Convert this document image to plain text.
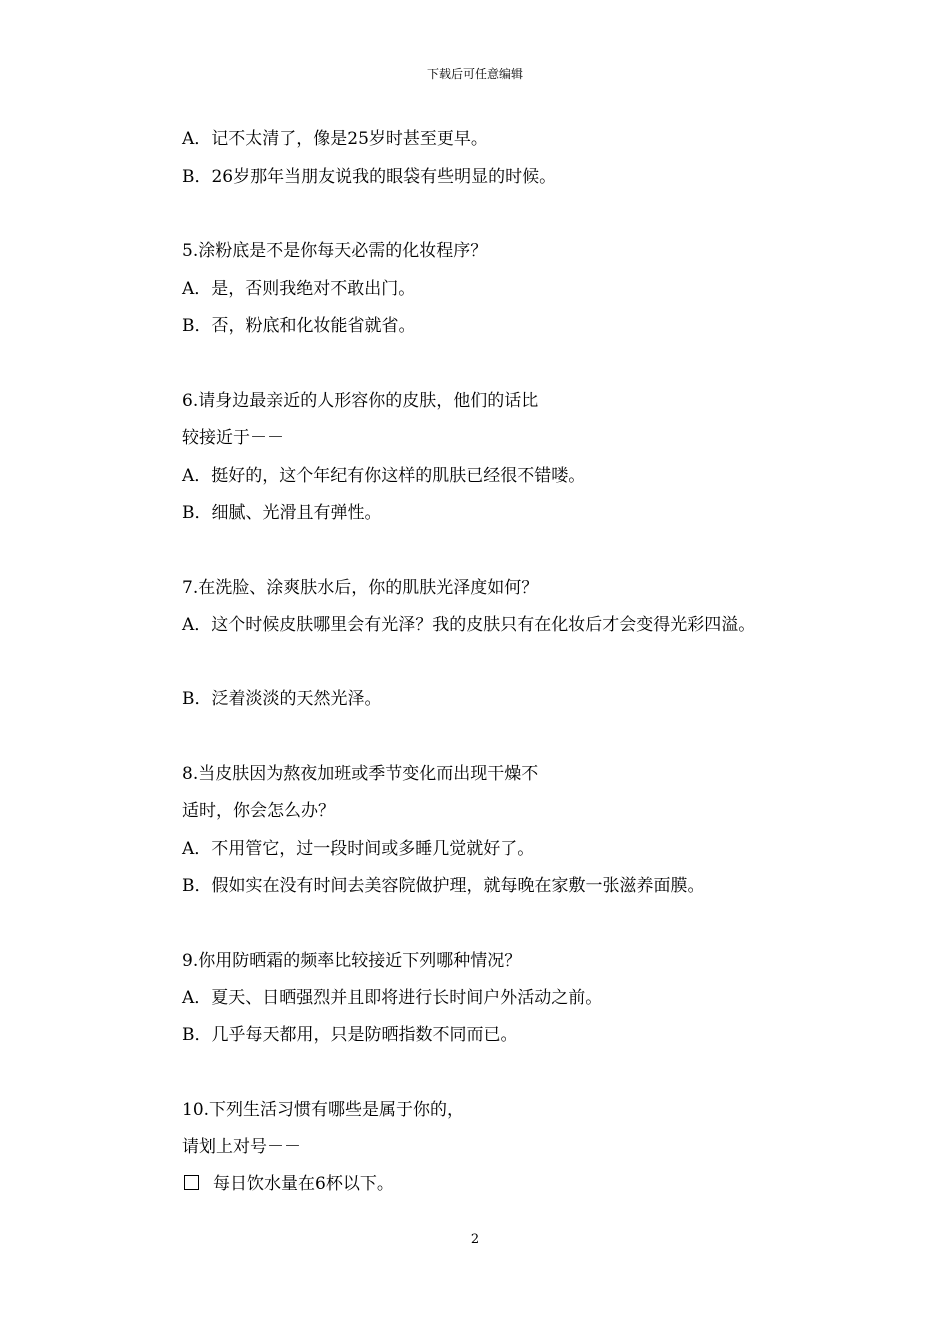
下载后可任意编辑
A．记不太清了，像是25岁时甚至更早。
B．26岁那年当朋友说我的眼袋有些明显的时候。
5.涂粉底是不是你每天必需的化妆程序？
A．是，否则我绝对不敢出门。
B．否，粉底和化妆能省就省。
6.请身边最亲近的人形容你的皮肤，他们的话比
较接近于－－
A．挺好的，这个年纪有你这样的肌肤已经很不错喽。
B．细腻、光滑且有弹性。
7.在洗脸、涂爽肤水后，你的肌肤光泽度如何？
A．这个时候皮肤哪里会有光泽？我的皮肤只有在化妆后才会变得光彩四溢。
B．泛着淡淡的天然光泽。
8.当皮肤因为熬夜加班或季节变化而出现干燥不
适时，你会怎么办？
A．不用管它，过一段时间或多睡几觉就好了。
B．假如实在没有时间去美容院做护理，就每晚在家敷一张滋养面膜。
9.你用防晒霜的频率比较接近下列哪种情况？
A．夏天、日晒强烈并且即将进行长时间户外活动之前。
B．几乎每天都用，只是防晒指数不同而已。
10.下列生活习惯有哪些是属于你的，
请划上对号－－
每日饮水量在6杯以下。
2
